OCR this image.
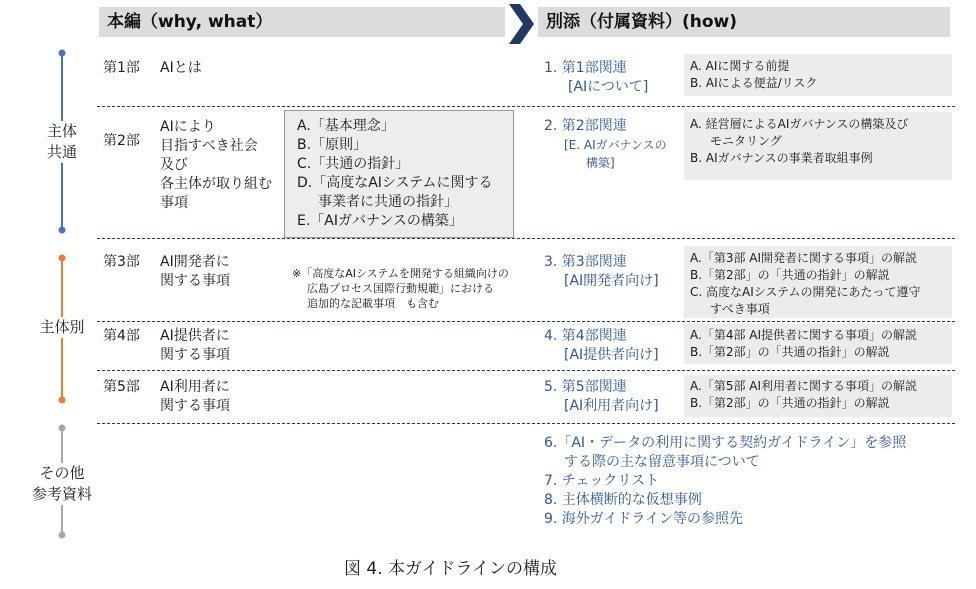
本編（why, what）	別添（付属資料）(how)
主体
共通
主体別
その他
参考資料
第1部 AIとは
第2部
AIにより
目指すべき社会
及び
各主体が取り組む
事項
A.「基本理念」
B.「原則」
C.「共通の指針」
D.「高度なAIシステムに関する
事業者に共通の指針」
E.「AIガバナンスの構築」
第3部 AI開発者に
関する事項	※「高度なAIシステムを開発する組織向けの
広島プロセス国際行動規範」における
追加的な記載事項　も含む
第4部 AI提供者に
関する事項
第5部 AI利用者に
関する事項
1. 第1部関連
[AIについて]
A. AIに関する前提
B. AIによる便益/リスク
2. 第2部関連
[E. AIガバナンスの
構築]
A. 経営層によるAIガバナンスの構築及び
モニタリング
B. AIガバナンスの事業者取組事例
3. 第3部関連
[AI開発者向け]
A.「第3部 AI開発者に関する事項」の解説
B.「第2部」の「共通の指針」の解説
C. 高度なAIシステムの開発にあたって遵守
すべき事項
4. 第4部関連
[AI提供者向け]
A.「第4部 AI提供者に関する事項」の解説
B.「第2部」の「共通の指針」の解説
5. 第5部関連
[AI利用者向け]
A.「第5部 AI利用者に関する事項」の解説
B.「第2部」の「共通の指針」の解説
6.「AI・データの利用に関する契約ガイドライン」を参照
する際の主な留意事項について
7. チェックリスト
8. 主体横断的な仮想事例
9. 海外ガイドライン等の参照先
図 4. 本ガイドラインの構成
